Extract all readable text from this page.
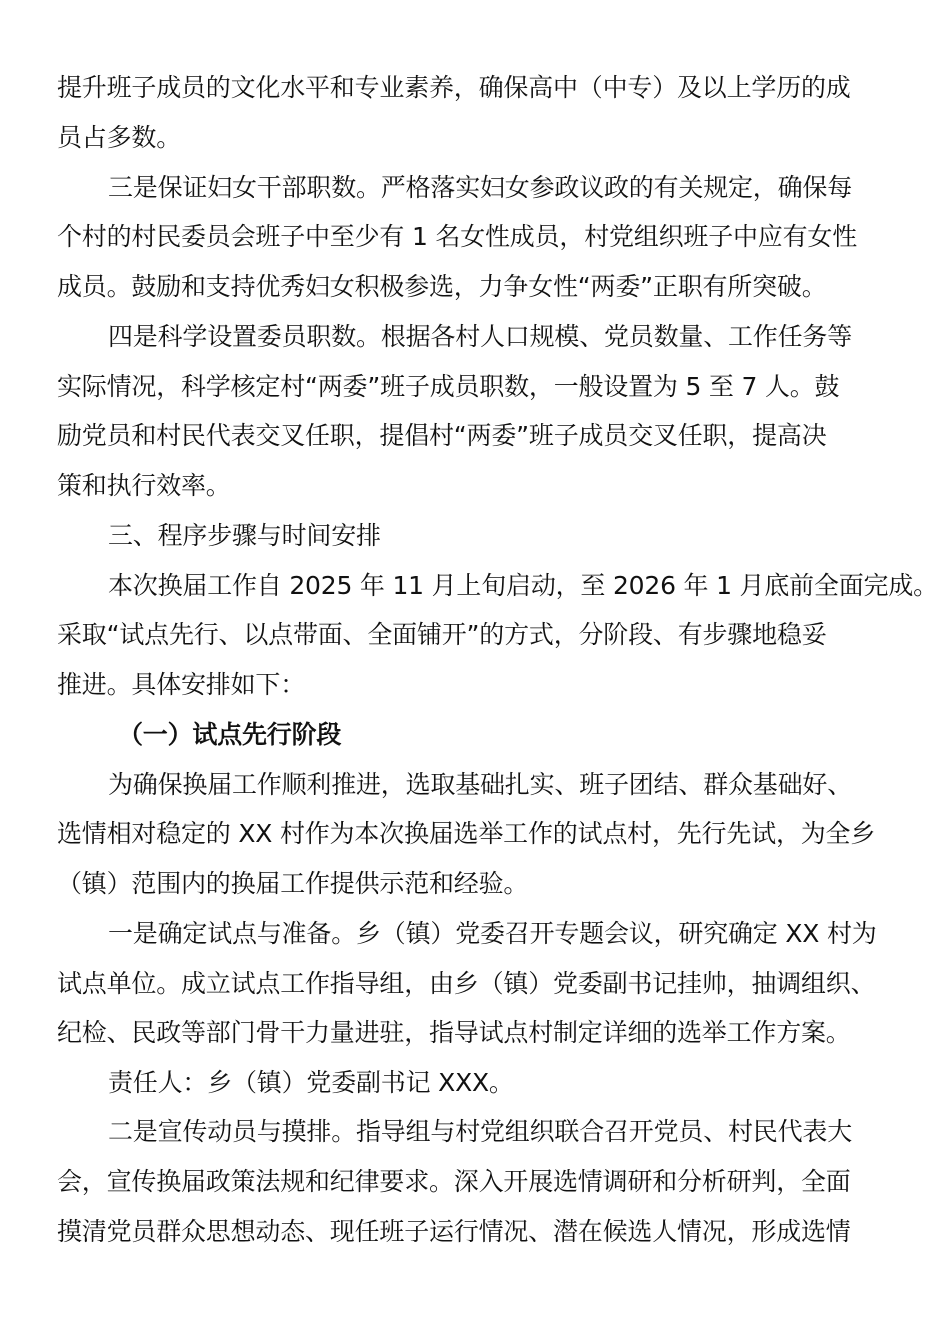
提升班子成员的文化水平和专业素养，确保高中（中专）及以上学历的成
员占多数。
三是保证妇女干部职数。严格落实妇女参政议政的有关规定，确保每
个村的村民委员会班子中至少有 1 名女性成员，村党组织班子中应有女性
成员。鼓励和支持优秀妇女积极参选，力争女性“两委”正职有所突破。
四是科学设置委员职数。根据各村人口规模、党员数量、工作任务等
实际情况，科学核定村“两委”班子成员职数，一般设置为 5 至 7 人。鼓
励党员和村民代表交叉任职，提倡村“两委”班子成员交叉任职，提高决
策和执行效率。
三、程序步骤与时间安排
本次换届工作自 2025 年 11 月上旬启动，至 2026 年 1 月底前全面完成。
采取“试点先行、以点带面、全面铺开”的方式，分阶段、有步骤地稳妥
推进。具体安排如下：
（一）试点先行阶段
为确保换届工作顺利推进，选取基础扎实、班子团结、群众基础好、
选情相对稳定的 XX 村作为本次换届选举工作的试点村，先行先试，为全乡
（镇）范围内的换届工作提供示范和经验。
一是确定试点与准备。乡（镇）党委召开专题会议，研究确定 XX 村为
试点单位。成立试点工作指导组，由乡（镇）党委副书记挂帅，抽调组织、
纪检、民政等部门骨干力量进驻，指导试点村制定详细的选举工作方案。
责任人：乡（镇）党委副书记 XXX。
二是宣传动员与摸排。指导组与村党组织联合召开党员、村民代表大
会，宣传换届政策法规和纪律要求。深入开展选情调研和分析研判，全面
摸清党员群众思想动态、现任班子运行情况、潜在候选人情况，形成选情
